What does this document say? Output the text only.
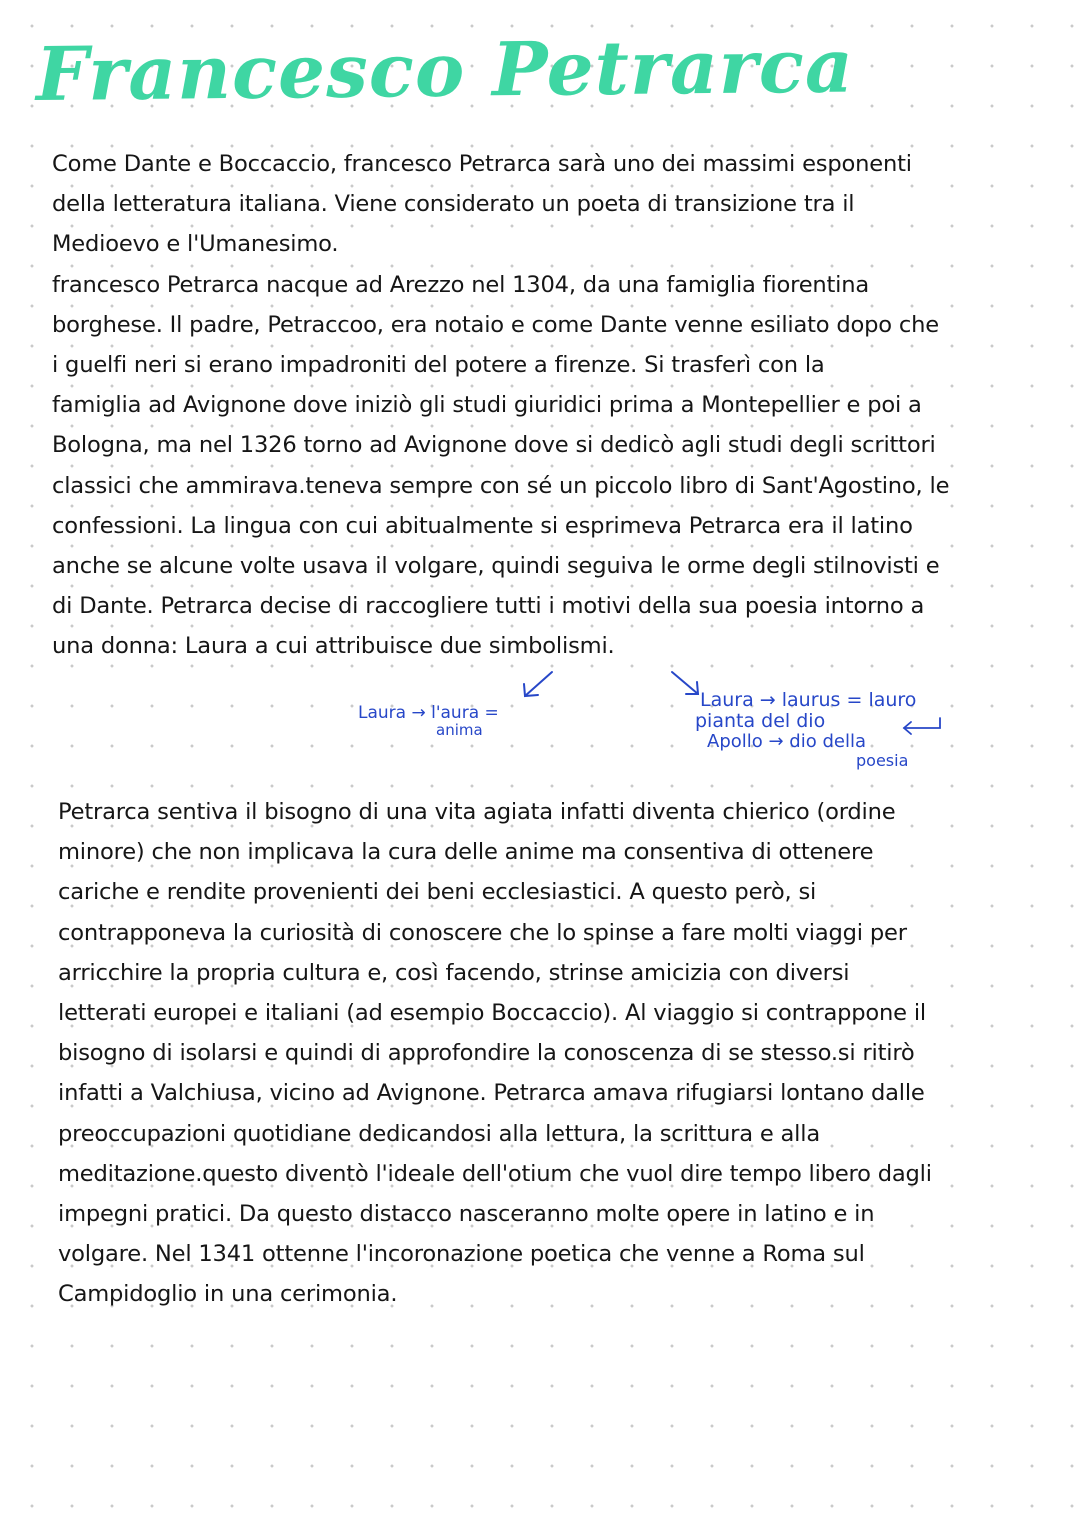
Francesco Petrarca
Come Dante e Boccaccio, francesco Petrarca sarà uno dei massimi esponenti
della letteratura italiana. Viene considerato un poeta di transizione tra il
Medioevo e l'Umanesimo.
francesco Petrarca nacque ad Arezzo nel 1304, da una famiglia fiorentina
borghese. Il padre, Petraccoo, era notaio e come Dante venne esiliato dopo che
i guelfi neri si erano impadroniti del potere a firenze. Si trasferì con la
famiglia ad Avignone dove iniziò gli studi giuridici prima a Montepellier e poi a
Bologna, ma nel 1326 torno ad Avignone dove si dedicò agli studi degli scrittori
classici che ammirava.teneva sempre con sé un piccolo libro di Sant'Agostino, le
confessioni. La lingua con cui abitualmente si esprimeva Petrarca era il latino
anche se alcune volte usava il volgare, quindi seguiva le orme degli stilnovisti e
di Dante. Petrarca decise di raccogliere tutti i motivi della sua poesia intorno a
una donna: Laura a cui attribuisce due simbolismi.
Laura → l'aura =
anima
Laura → laurus = lauro
pianta del dio
Apollo → dio della
poesia
Petrarca sentiva il bisogno di una vita agiata infatti diventa chierico (ordine
minore) che non implicava la cura delle anime ma consentiva di ottenere
cariche e rendite provenienti dei beni ecclesiastici. A questo però, si
contrapponeva la curiosità di conoscere che lo spinse a fare molti viaggi per
arricchire la propria cultura e, così facendo, strinse amicizia con diversi
letterati europei e italiani (ad esempio Boccaccio). Al viaggio si contrappone il
bisogno di isolarsi e quindi di approfondire la conoscenza di se stesso.si ritirò
infatti a Valchiusa, vicino ad Avignone. Petrarca amava rifugiarsi lontano dalle
preoccupazioni quotidiane dedicandosi alla lettura, la scrittura e alla
meditazione.questo diventò l'ideale dell'otium che vuol dire tempo libero dagli
impegni pratici. Da questo distacco nasceranno molte opere in latino e in
volgare. Nel 1341 ottenne l'incoronazione poetica che venne a Roma sul
Campidoglio in una cerimonia.
